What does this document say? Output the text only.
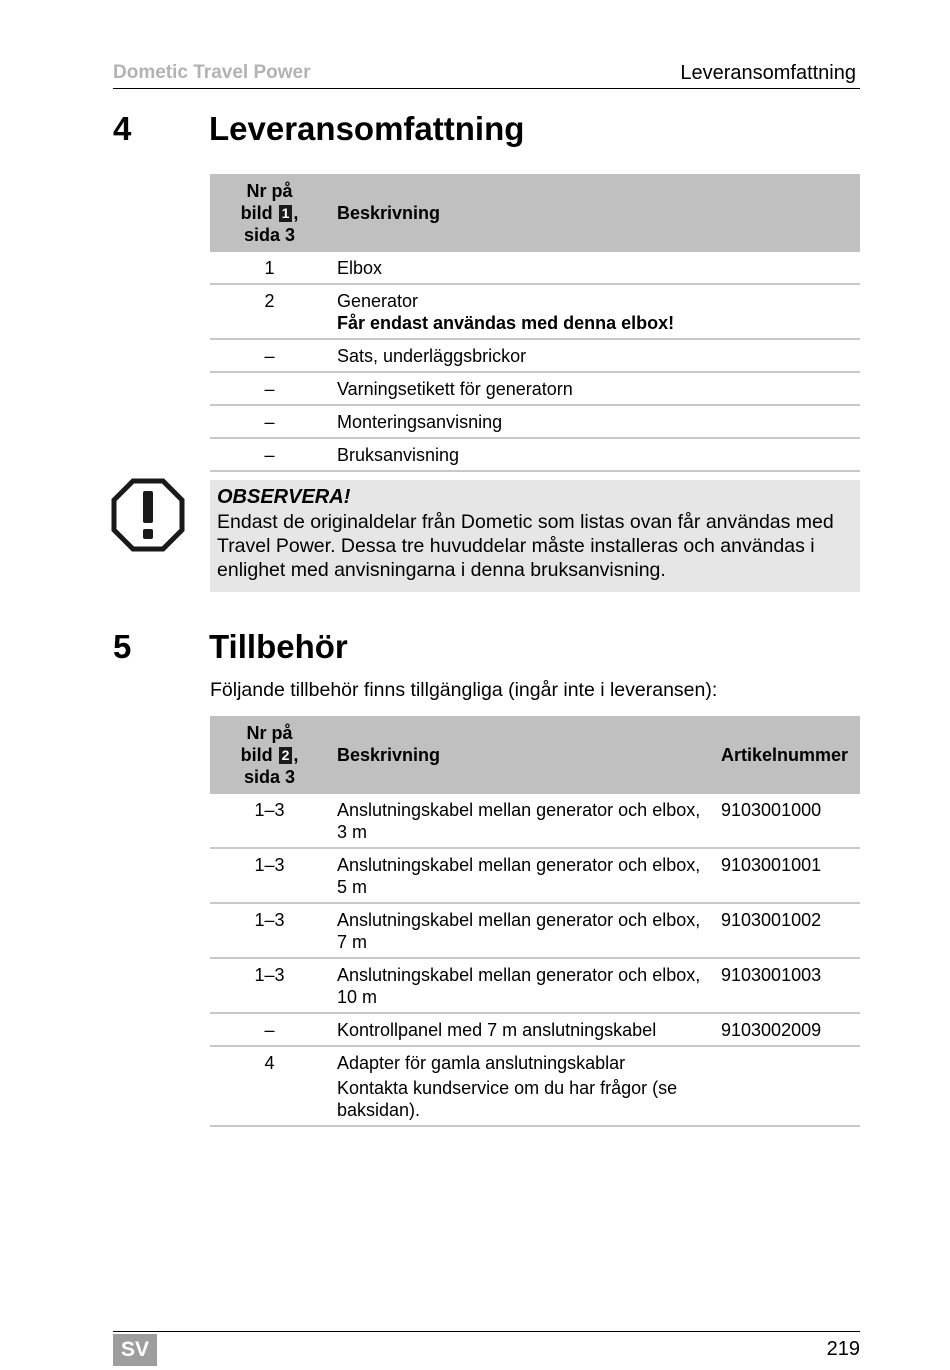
Dometic Travel Power	Leveransomfattning
4 Leveransomfattning
Nr på
bild 1 ,
sida 3	Beskrivning
1	Elbox
2	Generator
Får endast användas med denna elbox!
–	Sats, underläggsbrickor
–	Varningsetikett för generatorn
–	Monteringsanvisning
–	Bruksanvisning
OBSERVERA!
Endast de originaldelar från Dometic som listas ovan får användas med Travel Power. Dessa tre huvuddelar måste installeras och användas i enlighet med anvisningarna i denna bruksanvisning.
5 Tillbehör
Följande tillbehör finns tillgängliga (ingår inte i leveransen):
Nr på
bild 2 ,
sida 3	Beskrivning	Artikelnummer
1–3	Anslutningskabel mellan generator och elbox,
3 m	9103001000
1–3	Anslutningskabel mellan generator och elbox,
5 m	9103001001
1–3	Anslutningskabel mellan generator och elbox,
7 m	9103001002
1–3	Anslutningskabel mellan generator och elbox,
10 m	9103001003
–	Kontrollpanel med 7 m anslutningskabel	9103002009
4	Adapter för gamla anslutningskablar
Kontakta kundservice om du har frågor (se baksidan).	

SV	219
